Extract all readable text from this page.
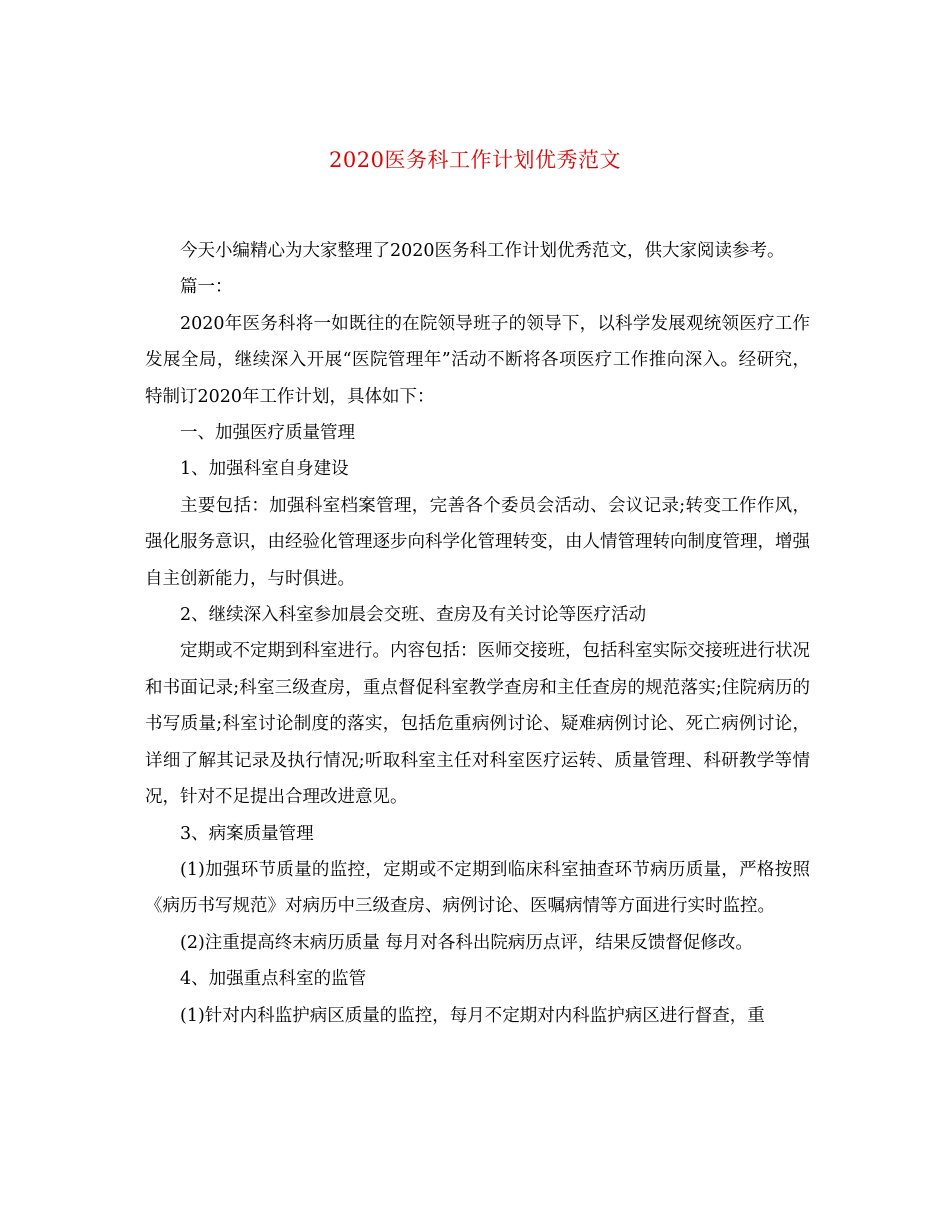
2020医务科工作计划优秀范文

今天小编精心为大家整理了2020医务科工作计划优秀范文，供大家阅读参考。

篇一：

2020年医务科将一如既往的在院领导班子的领导下，以科学发展观统领医疗工作发展全局，继续深入开展“医院管理年”活动不断将各项医疗工作推向深入。经研究，特制订2020年工作计划，具体如下：

一、加强医疗质量管理

1、加强科室自身建设

主要包括：加强科室档案管理，完善各个委员会活动、会议记录;转变工作作风，强化服务意识，由经验化管理逐步向科学化管理转变，由人情管理转向制度管理，增强自主创新能力，与时俱进。

2、继续深入科室参加晨会交班、查房及有关讨论等医疗活动

定期或不定期到科室进行。内容包括：医师交接班，包括科室实际交接班进行状况和书面记录;科室三级查房，重点督促科室教学查房和主任查房的规范落实;住院病历的书写质量;科室讨论制度的落实，包括危重病例讨论、疑难病例讨论、死亡病例讨论，详细了解其记录及执行情况;听取科室主任对科室医疗运转、质量管理、科研教学等情况，针对不足提出合理改进意见。

3、病案质量管理

(1)加强环节质量的监控，定期或不定期到临床科室抽查环节病历质量，严格按照《病历书写规范》对病历中三级查房、病例讨论、医嘱病情等方面进行实时监控。

(2)注重提高终末病历质量 每月对各科出院病历点评，结果反馈督促修改。

4、加强重点科室的监管

(1)针对内科监护病区质量的监控，每月不定期对内科监护病区进行督查，重
